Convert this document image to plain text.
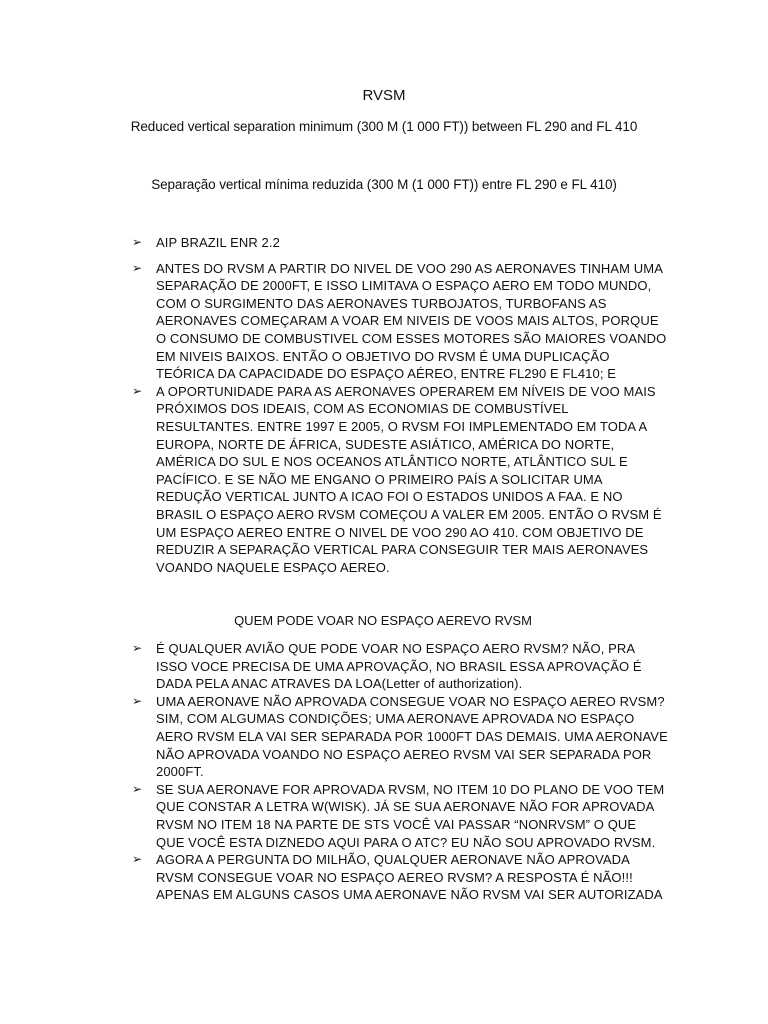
RVSM
Reduced vertical separation minimum (300 M (1 000 FT)) between FL 290 and FL 410
Separação vertical mínima reduzida (300 M (1 000 FT)) entre FL 290 e FL 410)
➢	AIP BRAZIL ENR 2.2
➢	ANTES DO RVSM A PARTIR DO NIVEL DE VOO 290 AS AERONAVES TINHAM UMA SEPARAÇÃO DE 2000FT, E ISSO LIMITAVA O ESPAÇO AERO EM TODO MUNDO, COM O SURGIMENTO DAS AERONAVES TURBOJATOS, TURBOFANS AS AERONAVES COMEÇARAM A VOAR EM NIVEIS DE VOOS MAIS ALTOS, PORQUE O CONSUMO DE COMBUSTIVEL COM ESSES MOTORES SÃO MAIORES VOANDO EM NIVEIS BAIXOS. ENTÃO O OBJETIVO DO RVSM É UMA DUPLICAÇÃO TEÓRICA DA CAPACIDADE DO ESPAÇO AÉREO, ENTRE FL290 E FL410; E
➢	A OPORTUNIDADE PARA AS AERONAVES OPERAREM EM NÍVEIS DE VOO MAIS PRÓXIMOS DOS IDEAIS, COM AS ECONOMIAS DE COMBUSTÍVEL RESULTANTES. ENTRE 1997 E 2005, O RVSM FOI IMPLEMENTADO EM TODA A EUROPA, NORTE DE ÁFRICA, SUDESTE ASIÁTICO, AMÉRICA DO NORTE, AMÉRICA DO SUL E NOS OCEANOS ATLÂNTICO NORTE, ATLÂNTICO SUL E PACÍFICO. E SE NÃO ME ENGANO O PRIMEIRO PAÍS A SOLICITAR UMA REDUÇÃO VERTICAL JUNTO A ICAO FOI O ESTADOS UNIDOS A FAA. E NO BRASIL O ESPAÇO AERO RVSM COMEÇOU A VALER EM 2005. ENTÃO O RVSM É UM ESPAÇO AEREO ENTRE O NIVEL DE VOO 290 AO 410. COM OBJETIVO DE REDUZIR A SEPARAÇÃO VERTICAL PARA CONSEGUIR TER MAIS AERONAVES VOANDO NAQUELE ESPAÇO AEREO.
QUEM PODE VOAR NO ESPAÇO AEREVO RVSM
➢	É QUALQUER AVIÃO QUE PODE VOAR NO ESPAÇO AERO RVSM? NÃO, PRA ISSO VOCE PRECISA DE UMA APROVAÇÃO, NO BRASIL ESSA APROVAÇÃO É DADA PELA ANAC ATRAVES DA LOA(Letter of authorization).
➢	UMA AERONAVE NÃO APROVADA CONSEGUE VOAR NO ESPAÇO AEREO RVSM? SIM, COM ALGUMAS CONDIÇÕES; UMA AERONAVE APROVADA NO ESPAÇO AERO RVSM ELA VAI SER SEPARADA POR 1000FT DAS DEMAIS. UMA AERONAVE NÃO APROVADA VOANDO NO ESPAÇO AEREO RVSM VAI SER SEPARADA POR 2000FT.
➢	SE SUA AERONAVE FOR APROVADA RVSM, NO ITEM 10 DO PLANO DE VOO TEM QUE CONSTAR A LETRA W(WISK). JÁ SE SUA AERONAVE NÃO FOR APROVADA RVSM NO ITEM 18 NA PARTE DE STS VOCÊ VAI PASSAR “NONRVSM” O QUE QUE VOCÊ ESTA DIZNEDO AQUI PARA O ATC? EU NÃO SOU APROVADO RVSM.
➢	AGORA A PERGUNTA DO MILHÃO, QUALQUER AERONAVE NÃO APROVADA RVSM CONSEGUE VOAR NO ESPAÇO AEREO RVSM? A RESPOSTA É NÃO!!! APENAS EM ALGUNS CASOS UMA AERONAVE NÃO RVSM VAI SER AUTORIZADA
